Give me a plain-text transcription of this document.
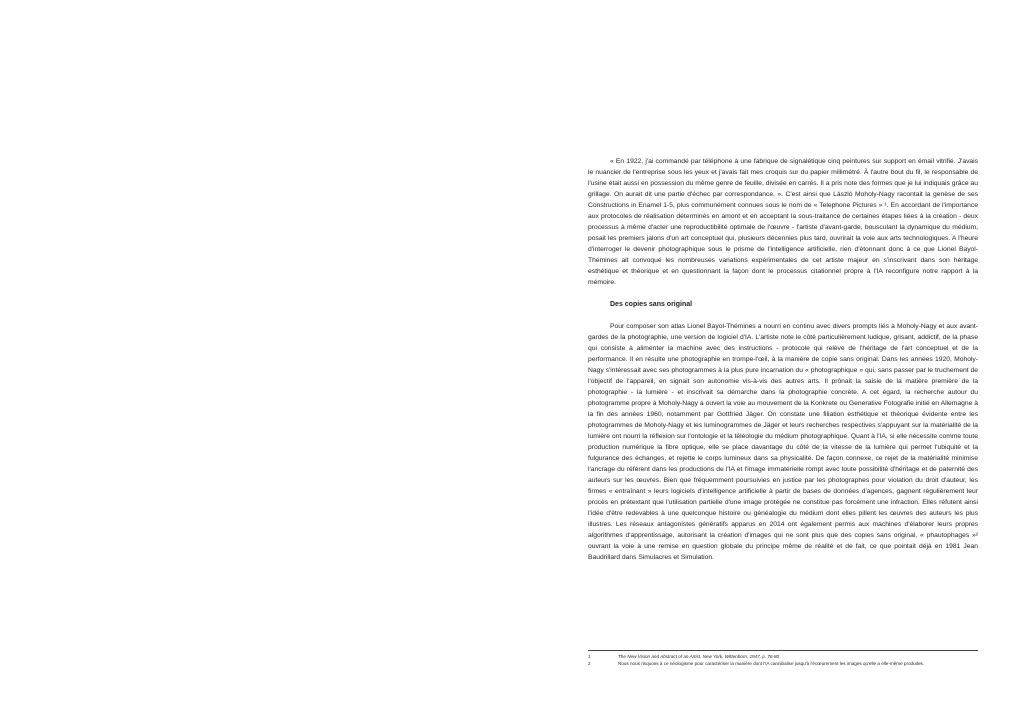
« En 1922, j'ai commandé par téléphone à une fabrique de signalétique cinq peintures sur support en émail vitrifié. J'avais le nuancier de l'entreprise sous les yeux et j'avais fait mes croquis sur du papier millimétré. À l'autre bout du fil, le responsable de l'usine était aussi en possession du même genre de feuille, divisée en carrés. Il a pris note des formes que je lui indiquais grâce au grillage. On aurait dit une partie d'échec par correspondance. ». C'est ainsi que László Moholy-Nagy racontait la genèse de ses Constructions in Enamel 1-5, plus communément connues sous le nom de « Telephone Pictures » ¹. En accordant de l'importance aux protocoles de réalisation déterminés en amont et en acceptant la sous-traitance de certaines étapes liées à la création - deux processus à même d'acter une reproductibilité optimale de l'œuvre - l'artiste d'avant-garde, bousculant la dynamique du médium, posait les premiers jalons d'un art conceptuel qui, plusieurs décennies plus tard, ouvrirait la voie aux arts technologiques. A l'heure d'interroger le devenir photographique sous le prisme de l'intelligence artificielle, rien d'étonnant donc à ce que Lionel Bayol-Thémines ait convoqué les nombreuses variations expérimentales de cet artiste majeur en s'inscrivant dans son héritage esthétique et théorique et en questionnant la façon dont le processus citationnel propre à l'IA reconfigure notre rapport à la mémoire.

Des copies sans original

Pour composer son atlas Lionel Bayol-Thémines a nourri en continu avec divers prompts liés à Moholy-Nagy et aux avant-gardes de la photographie, une version de logiciel d'IA. L'artiste note le côté particulièrement ludique, grisant, addictif, de la phase qui consiste à alimenter la machine avec des instructions - protocole qui relève de l'héritage de l'art conceptuel et de la performance. Il en résulte une photographie en trompe-l'œil, à la manière de copie sans original. Dans les années 1920, Moholy-Nagy s'intéressait avec ses photogrammes à la plus pure incarnation du « photographique » qui, sans passer par le truchement de l'objectif de l'appareil, en signait son autonomie vis-à-vis des autres arts. Il prônait la saisie de la matière première de la photographie - la lumière - et inscrivait sa démarche dans la photographie concrète. A cet égard, la recherche autour du photogramme propre à Moholy-Nagy a ouvert la voie au mouvement de la Konkrete ou Generative Fotografie initié en Allemagne à la fin des années 1960, notamment par Gottfried Jäger. On constate une filiation esthétique et théorique évidente entre les photogrammes de Moholy-Nagy et les luminogrammes de Jäger et leurs recherches respectives s'appuyant sur la matérialité de la lumière ont nourri la réflexion sur l'ontologie et la téléologie du médium photographique. Quant à l'IA, si elle nécessite comme toute production numérique la fibre optique, elle se place davantage du côté de la vitesse de la lumière qui permet l'ubiquité et la fulgurance des échanges, et rejette le corps lumineux dans sa physicalité. De façon connexe, ce rejet de la matérialité minimise l'ancrage du référent dans les productions de l'IA et l'image immatérielle rompt avec toute possibilité d'héritage et de paternité des auteurs sur les œuvres. Bien que fréquemment poursuivies en justice par les photographes pour violation du droit d'auteur, les firmes « entraînant » leurs logiciels d'intelligence artificielle à partir de bases de données d'agences, gagnent régulièrement leur procès en prétextant que l'utilisation partielle d'une image protégée ne constitue pas forcément une infraction. Elles réfutent ainsi l'idée d'être redevables à une quelconque histoire ou généalogie du médium dont elles pillent les œuvres des auteurs les plus illustres. Les réseaux antagonistes génératifs apparus en 2014 ont également permis aux machines d'élaborer leurs propres algorithmes d'apprentissage, autorisant la création d'images qui ne sont plus que des copies sans original, « phautophages »² ouvrant la voie à une remise en question globale du principe même de réalité et de fait, ce que pointait déjà en 1981 Jean Baudrillard dans Simulacres et Simulation.

1	The New Vision and Abstract of an Artist, New York, Wittenborn, 1947, p. 76-80
2	Nous nous risquons à ce néologisme pour caractériser la manière dont l'IA cannibalise jusqu'à l'écœurement les images qu'elle a elle-même produites.
